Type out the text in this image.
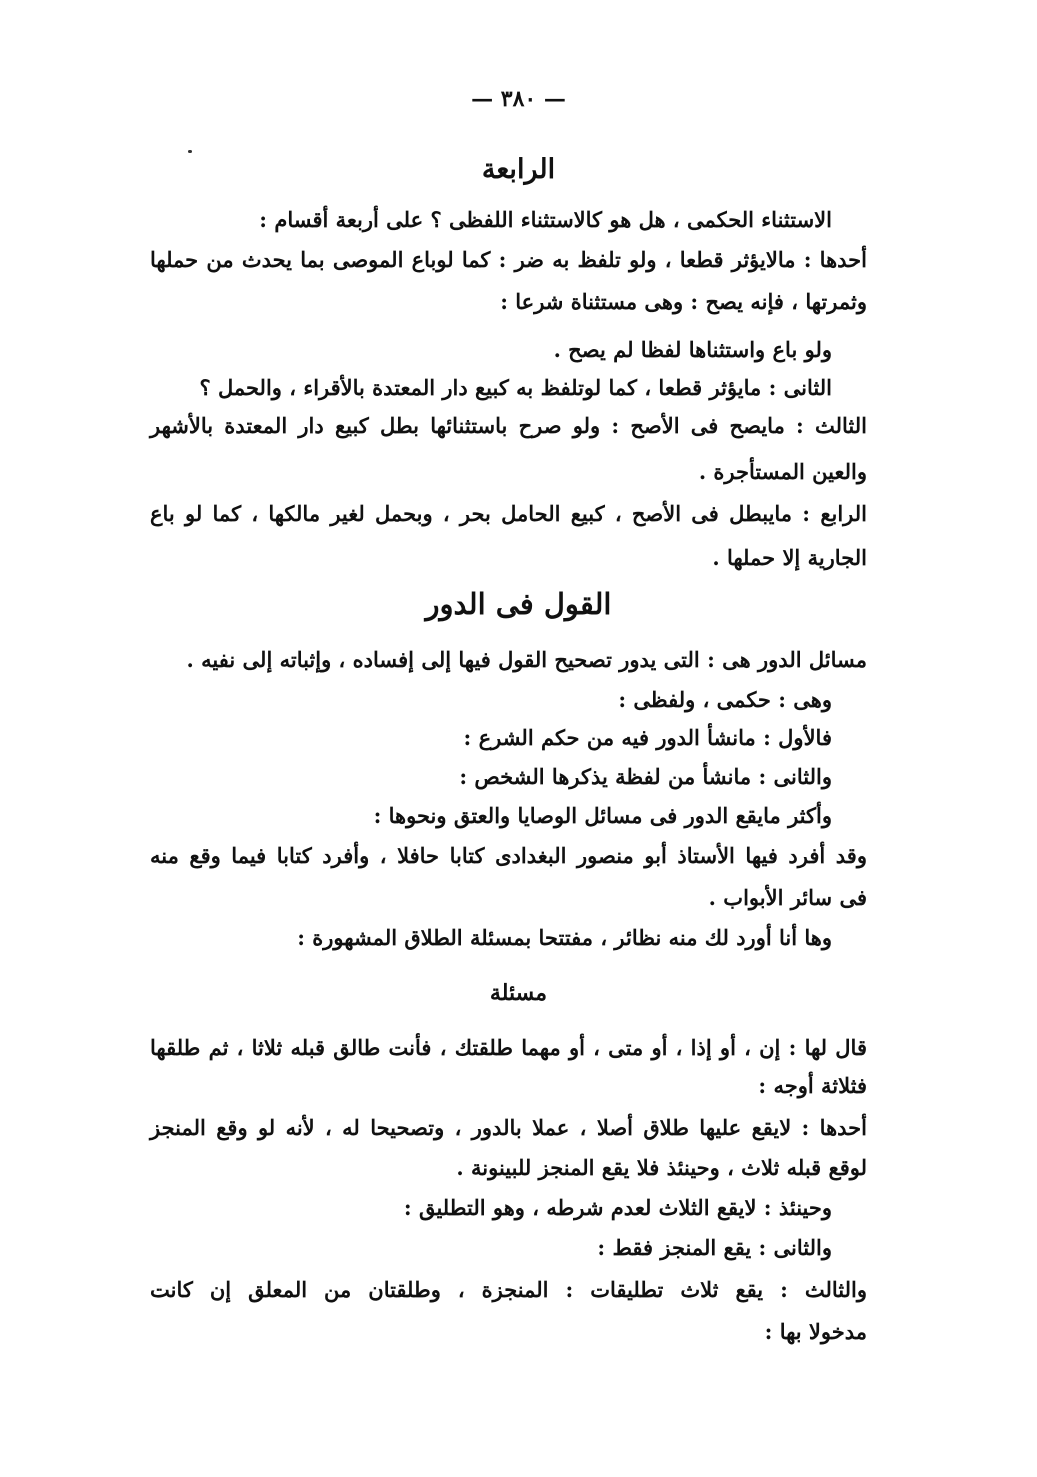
— ٣٨٠ —
الرابعة
الاستثناء الحكمى ، هل هو كالاستثناء اللفظى ؟ على أربعة أقسام :
أحدها : مالايؤثر قطعا ، ولو تلفظ به ضر : كما لوباع الموصى بما يحدث من حملها
وثمرتها ، فإنه يصح : وهى مستثناة شرعا :
ولو باع واستثناها لفظا لم يصح .
الثانى : مايؤثر قطعا ، كما لوتلفظ به كبيع دار المعتدة بالأقراء ، والحمل ؟
الثالث : مايصح فى الأصح : ولو صرح باستثنائها بطل كبيع دار المعتدة بالأشهر
والعين المستأجرة .
الرابع : مايبطل فى الأصح ، كبيع الحامل بحر ، وبحمل لغير مالكها ، كما لو باع
الجارية إلا حملها .
القول فى الدور
مسائل الدور هى : التى يدور تصحيح القول فيها إلى إفساده ، وإثباته إلى نفيه .
وهى : حكمى ، ولفظى :
فالأول : مانشأ الدور فيه من حكم الشرع :
والثانى : مانشأ من لفظة يذكرها الشخص :
وأكثر مايقع الدور فى مسائل الوصايا والعتق ونحوها :
وقد أفرد فيها الأستاذ أبو منصور البغدادى كتابا حافلا ، وأفرد كتابا فيما وقع منه
فى سائر الأبواب .
وها أنا أورد لك منه نظائر ، مفتتحا بمسئلة الطلاق المشهورة :
مسئلة
قال لها : إن ، أو إذا ، أو متى ، أو مهما طلقتك ، فأنت طالق قبله ثلاثا ، ثم طلقها
فثلاثة أوجه :
أحدها : لايقع عليها طلاق أصلا ، عملا بالدور ، وتصحيحا له ، لأنه لو وقع المنجز
لوقع قبله ثلاث ، وحينئذ فلا يقع المنجز للبينونة .
وحينئذ : لايقع الثلاث لعدم شرطه ، وهو التطليق :
والثانى : يقع المنجز فقط :
والثالث : يقع ثلاث تطليقات : المنجزة ، وطلقتان من المعلق إن كانت
مدخولا بها :
